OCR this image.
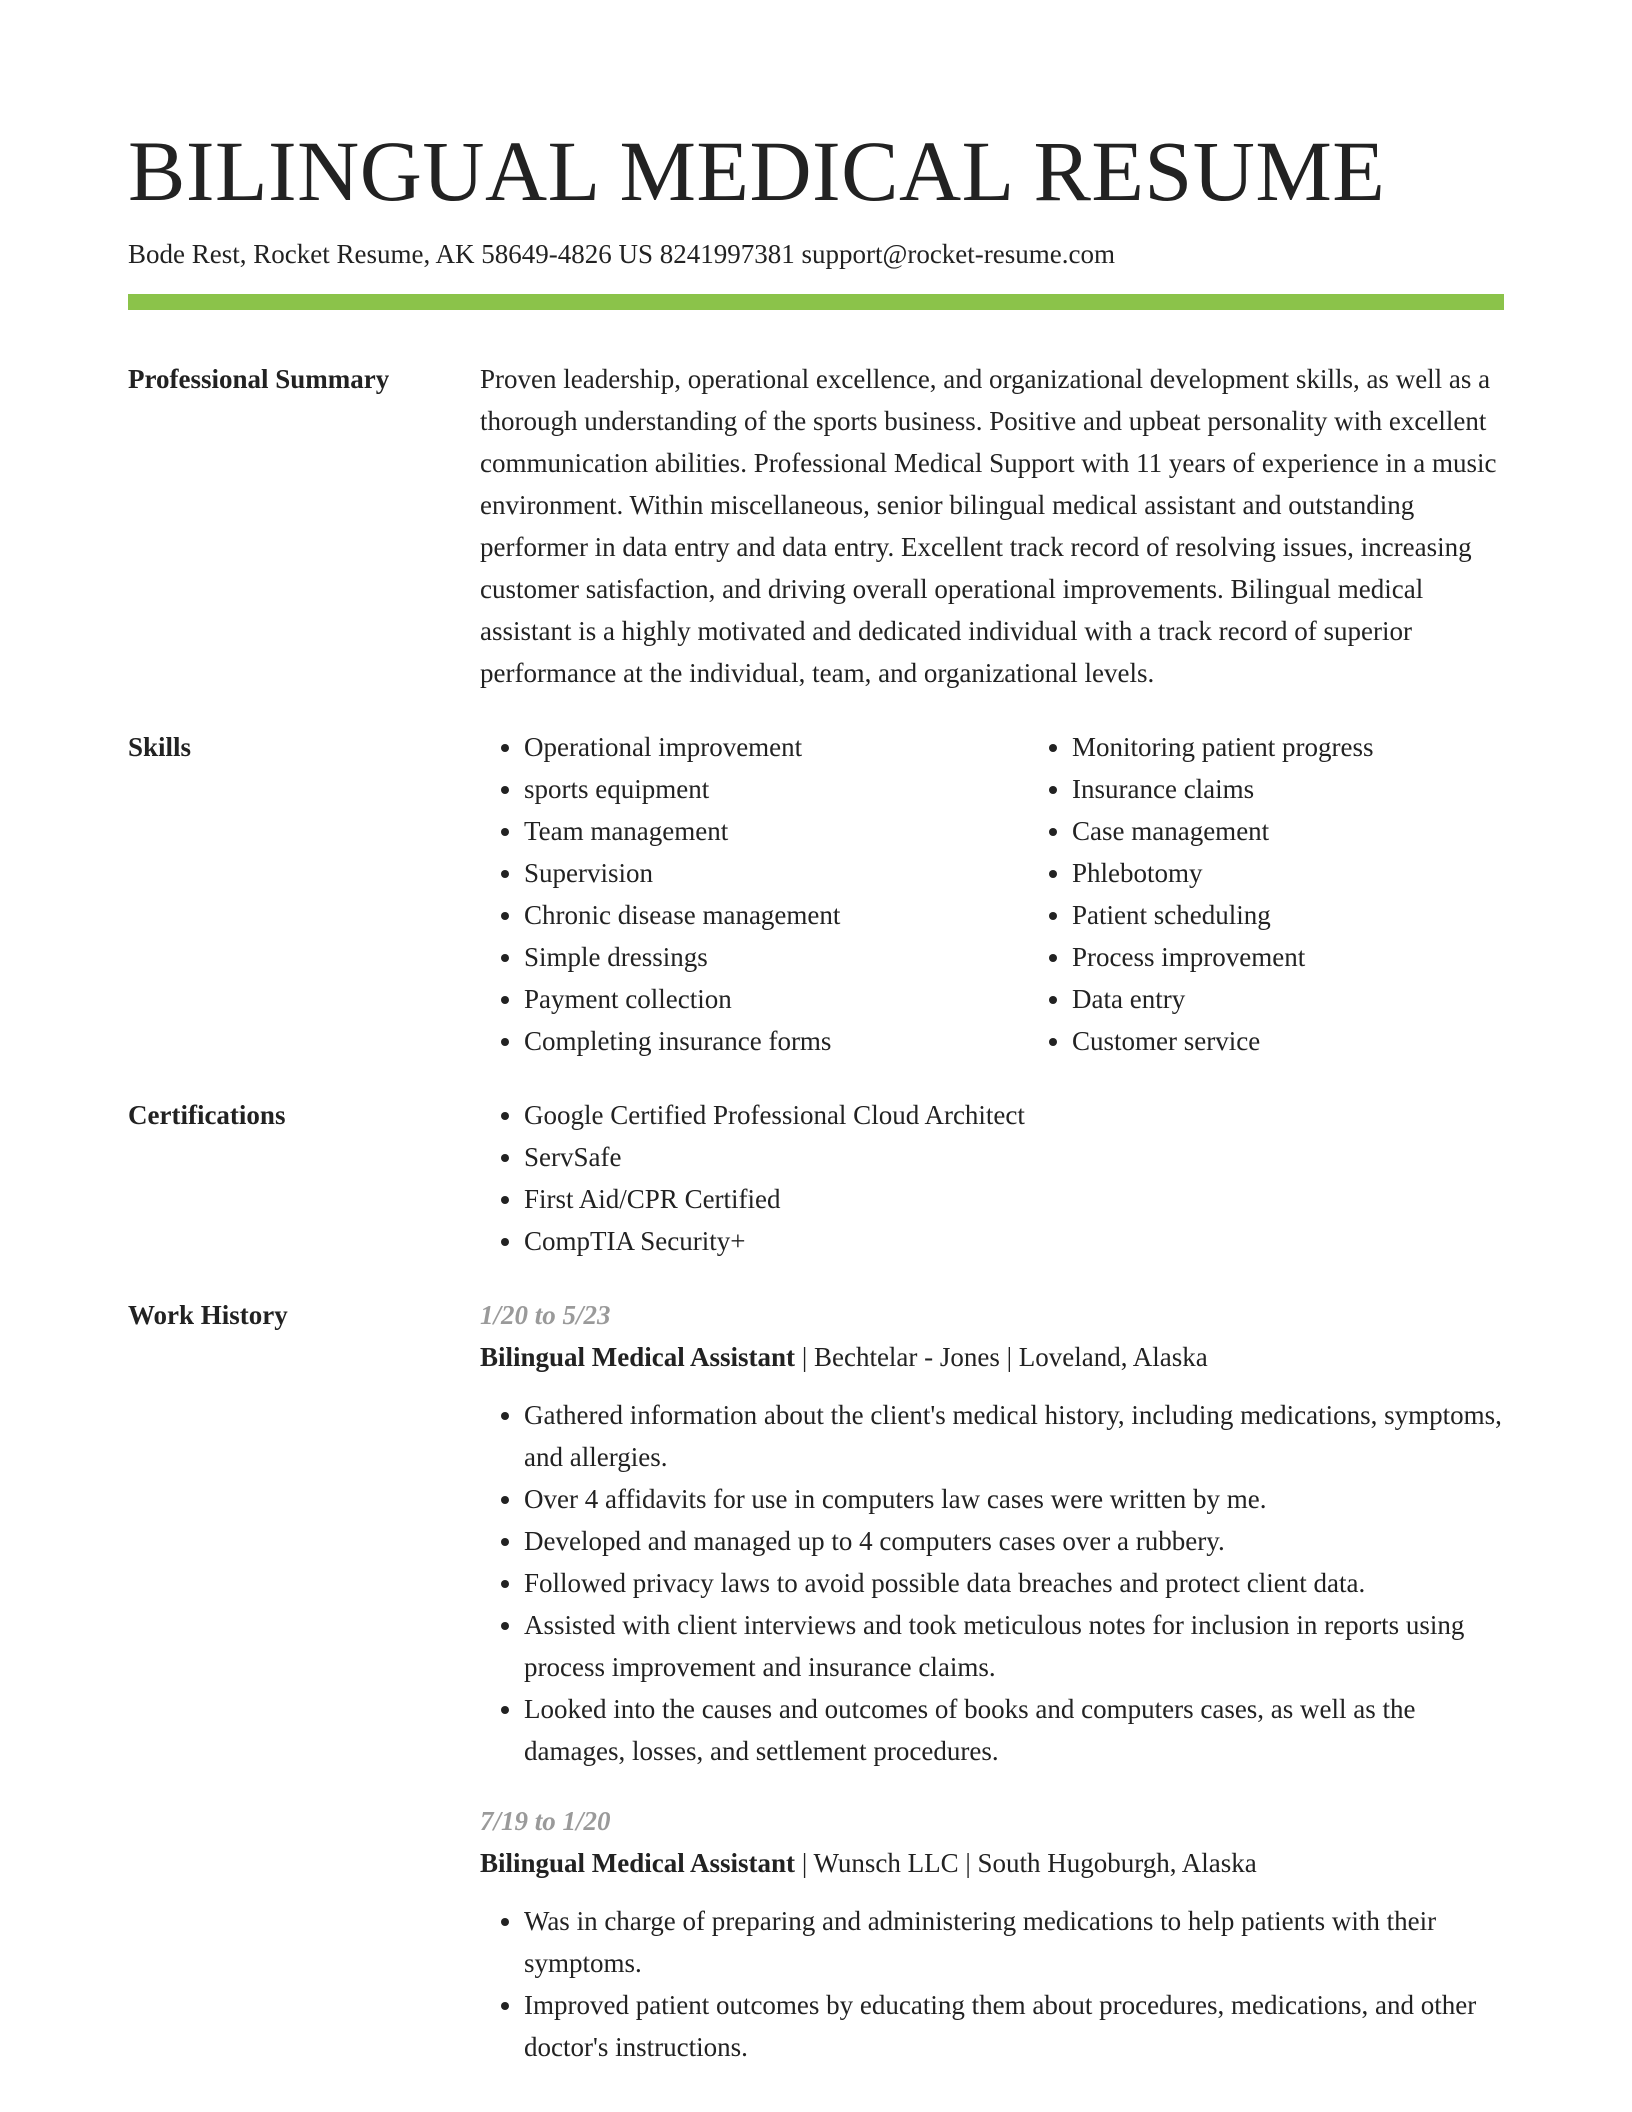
BILINGUAL MEDICAL RESUME
Bode Rest, Rocket Resume, AK 58649-4826 US 8241997381 support@rocket-resume.com
Professional Summary	Proven leadership, operational excellence, and organizational development skills, as well as a thorough understanding of the sports business. Positive and upbeat personality with excellent communication abilities. Professional Medical Support with 11 years of experience in a music environment. Within miscellaneous, senior bilingual medical assistant and outstanding performer in data entry and data entry. Excellent track record of resolving issues, increasing customer satisfaction, and driving overall operational improvements. Bilingual medical assistant is a highly motivated and dedicated individual with a track record of superior performance at the individual, team, and organizational levels.

Skills	• Operational improvement
• sports equipment
• Team management
• Supervision
• Chronic disease management
• Simple dressings
• Payment collection
• Completing insurance forms
• Monitoring patient progress
• Insurance claims
• Case management
• Phlebotomy
• Patient scheduling
• Process improvement
• Data entry
• Customer service
Certifications	• Google Certified Professional Cloud Architect
• ServSafe
• First Aid/CPR Certified
• CompTIA Security+
Work History	1/20 to 5/23
Bilingual Medical Assistant | Bechtelar - Jones | Loveland, Alaska
• Gathered information about the client's medical history, including medications, symptoms, and allergies.
• Over 4 affidavits for use in computers law cases were written by me.
• Developed and managed up to 4 computers cases over a rubbery.
• Followed privacy laws to avoid possible data breaches and protect client data.
• Assisted with client interviews and took meticulous notes for inclusion in reports using process improvement and insurance claims.
• Looked into the causes and outcomes of books and computers cases, as well as the damages, losses, and settlement procedures.
7/19 to 1/20
Bilingual Medical Assistant | Wunsch LLC | South Hugoburgh, Alaska
• Was in charge of preparing and administering medications to help patients with their symptoms.
• Improved patient outcomes by educating them about procedures, medications, and other doctor's instructions.
